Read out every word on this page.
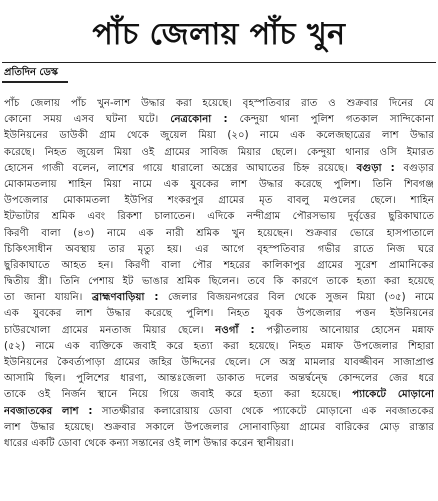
পাঁচ জেলায় পাঁচ খুন
প্রতিদিন ডেস্ক
পাঁচ জেলায় পাঁচ খুন-লাশ উদ্ধার করা হয়েছে। বৃহস্পতিবার রাত ও শুক্রবার দিনের যে
কোনো সময় এসব ঘটনা ঘটে। নেত্রকোনা : কেন্দুয়া থানা পুলিশ গতকাল সান্দিকোনা
ইউনিয়নের ডাউকী গ্রাম থেকে জুয়েল মিয়া (২০) নামে এক কলেজছাত্রের লাশ উদ্ধার
করেছে। নিহত জুয়েল মিয়া ওই গ্রামের সাবিজ মিয়ার ছেলে। কেন্দুয়া থানার ওসি ইমারত
হোসেন গাজী বলেন, লাশের গায়ে ধারালো অস্ত্রের আঘাতের চিহ্ন রয়েছে। বগুড়া : বগুড়ার
মোকামতলায় শাহিন মিয়া নামে এক যুবকের লাশ উদ্ধার করেছে পুলিশ। তিনি শিবগঞ্জ
উপজেলার মোকামতলা ইউপির শংকরপুর গ্রামের মৃত বাবলু মণ্ডলের ছেলে। শাহিন
ইটভাটার শ্রমিক এবং রিকশা চালাতেন। এদিকে নন্দীগ্রাম পৌরসভায় দুর্বৃত্তের ছুরিকাঘাতে
কিরণী বালা (৪৩) নামে এক নারী শ্রমিক খুন হয়েছেন। শুক্রবার ভোরে হাসপাতালে
চিকিৎসাধীন অবস্থায় তার মৃত্যু হয়। এর আগে বৃহস্পতিবার গভীর রাতে নিজ ঘরে
ছুরিকাঘাতে আহত হন। কিরণী বালা পৌর শহরের কালিকাপুর গ্রামের সুরেশ প্রামানিকের
দ্বিতীয় স্ত্রী। তিনি পেশায় ইট ভাঙার শ্রমিক ছিলেন। তবে কি কারণে তাকে হত্যা করা হয়েছে
তা জানা যায়নি। ব্রাহ্মণবাড়িয়া : জেলার বিজয়নগরের বিল থেকে সুজন মিয়া (৩৫) নামে
এক যুবকের লাশ উদ্ধার করেছে পুলিশ। নিহত যুবক উপজেলার পত্তন ইউনিয়নের
চাউরখোলা গ্রামের মনতাজ মিয়ার ছেলে। নওগাঁ : পত্নীতলায় আনোয়ার হোসেন মন্নাফ
(৫২) নামে এক ব্যক্তিকে জবাই করে হত্যা করা হয়েছে। নিহত মন্নাফ উপজেলার শিহারা
ইউনিয়নের কৈবর্ত্যপাড়া গ্রামের জহির উদ্দিনের ছেলে। সে অস্ত্র মামলার যাবজ্জীবন সাজাপ্রাপ্ত
আসামি ছিল। পুলিশের ধারণা, আন্তঃজেলা ডাকাত দলের অন্তর্দ্বন্দ্বে কোন্দলের জের ধরে
তাকে ওই নির্জন স্থানে নিয়ে গিয়ে জবাই করে হত্যা করা হয়েছে। প্যাকেটে মোড়ানো
নবজাতকের লাশ : সাতক্ষীরার কলারোয়ায় ডোবা থেকে প্যাকেটে মোড়ানো এক নবজাতকের
লাশ উদ্ধার হয়েছে। শুক্রবার সকালে উপজেলার সোনাবাড়িয়া গ্রামের বারিকের মোড় রাস্তার
ধারের একটি ডোবা থেকে কন্যা সন্তানের ওই লাশ উদ্ধার করেন স্থানীয়রা।
